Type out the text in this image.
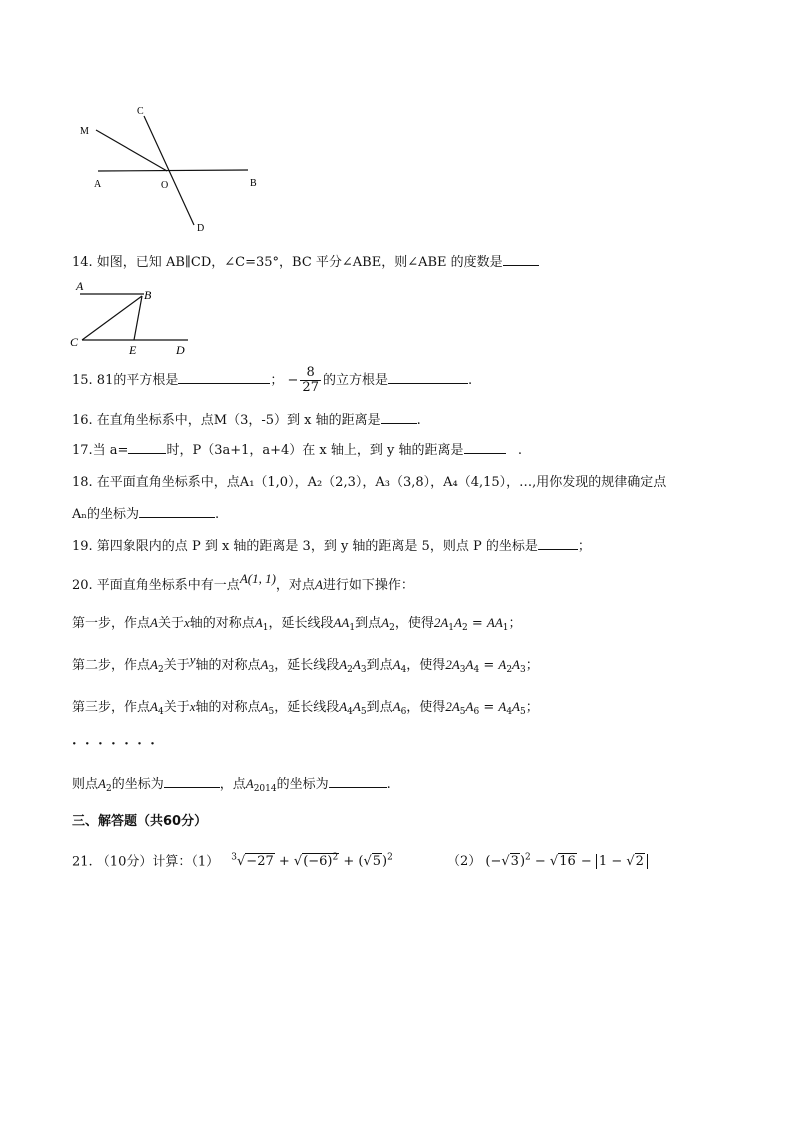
C
M
A	O	B
D
14. 如图，已知 AB∥CD，∠C=35°，BC 平分∠ABE，则∠ABE 的度数是
A
B
C
E	D
15. 81的平方根是	； − $\frac{8}{27}$ 的立方根是	.
16. 在直角坐标系中，点M（3，-5）到 x 轴的距离是	.
17.当 a=	时，P（3a+1，a+4）在 x 轴上，到 y 轴的距离是	.
18. 在平面直角坐标系中，点A₁（1,0），A₂（2,3），A₃（3,8），A₄（4,15），…,用你发现的规律确定点
Aₙ的坐标为	.
19. 第四象限内的点 P 到 x 轴的距离是 3，到 y 轴的距离是 5，则点 P 的坐标是	；
20. 平面直角坐标系中有一点A(1, 1)，对点A进行如下操作：
第一步，作点A关于x轴的对称点$A_1$，延长线段$AA_1$到点$A_2$，使得$2A_1A_2 = AA_1$；
第二步，作点$A_2$关于y轴的对称点$A_3$，延长线段$A_2A_3$到点$A_4$，使得$2A_3A_4 = A_2A_3$；
第三步，作点$A_4$关于x轴的对称点$A_5$，延长线段$A_4A_5$到点$A_6$，使得$2A_5A_6 = A_4A_5$；
· · · · · · ·
则点$A_2$的坐标为	，点$A_{2014}$的坐标为	.
三、解答题（共60分）
21. （10分）计算：（1） $^3√-27 + √(-6)^2 + (√5)^2$	（2） $(-√3)^2 - √16 - 1 - √2$
